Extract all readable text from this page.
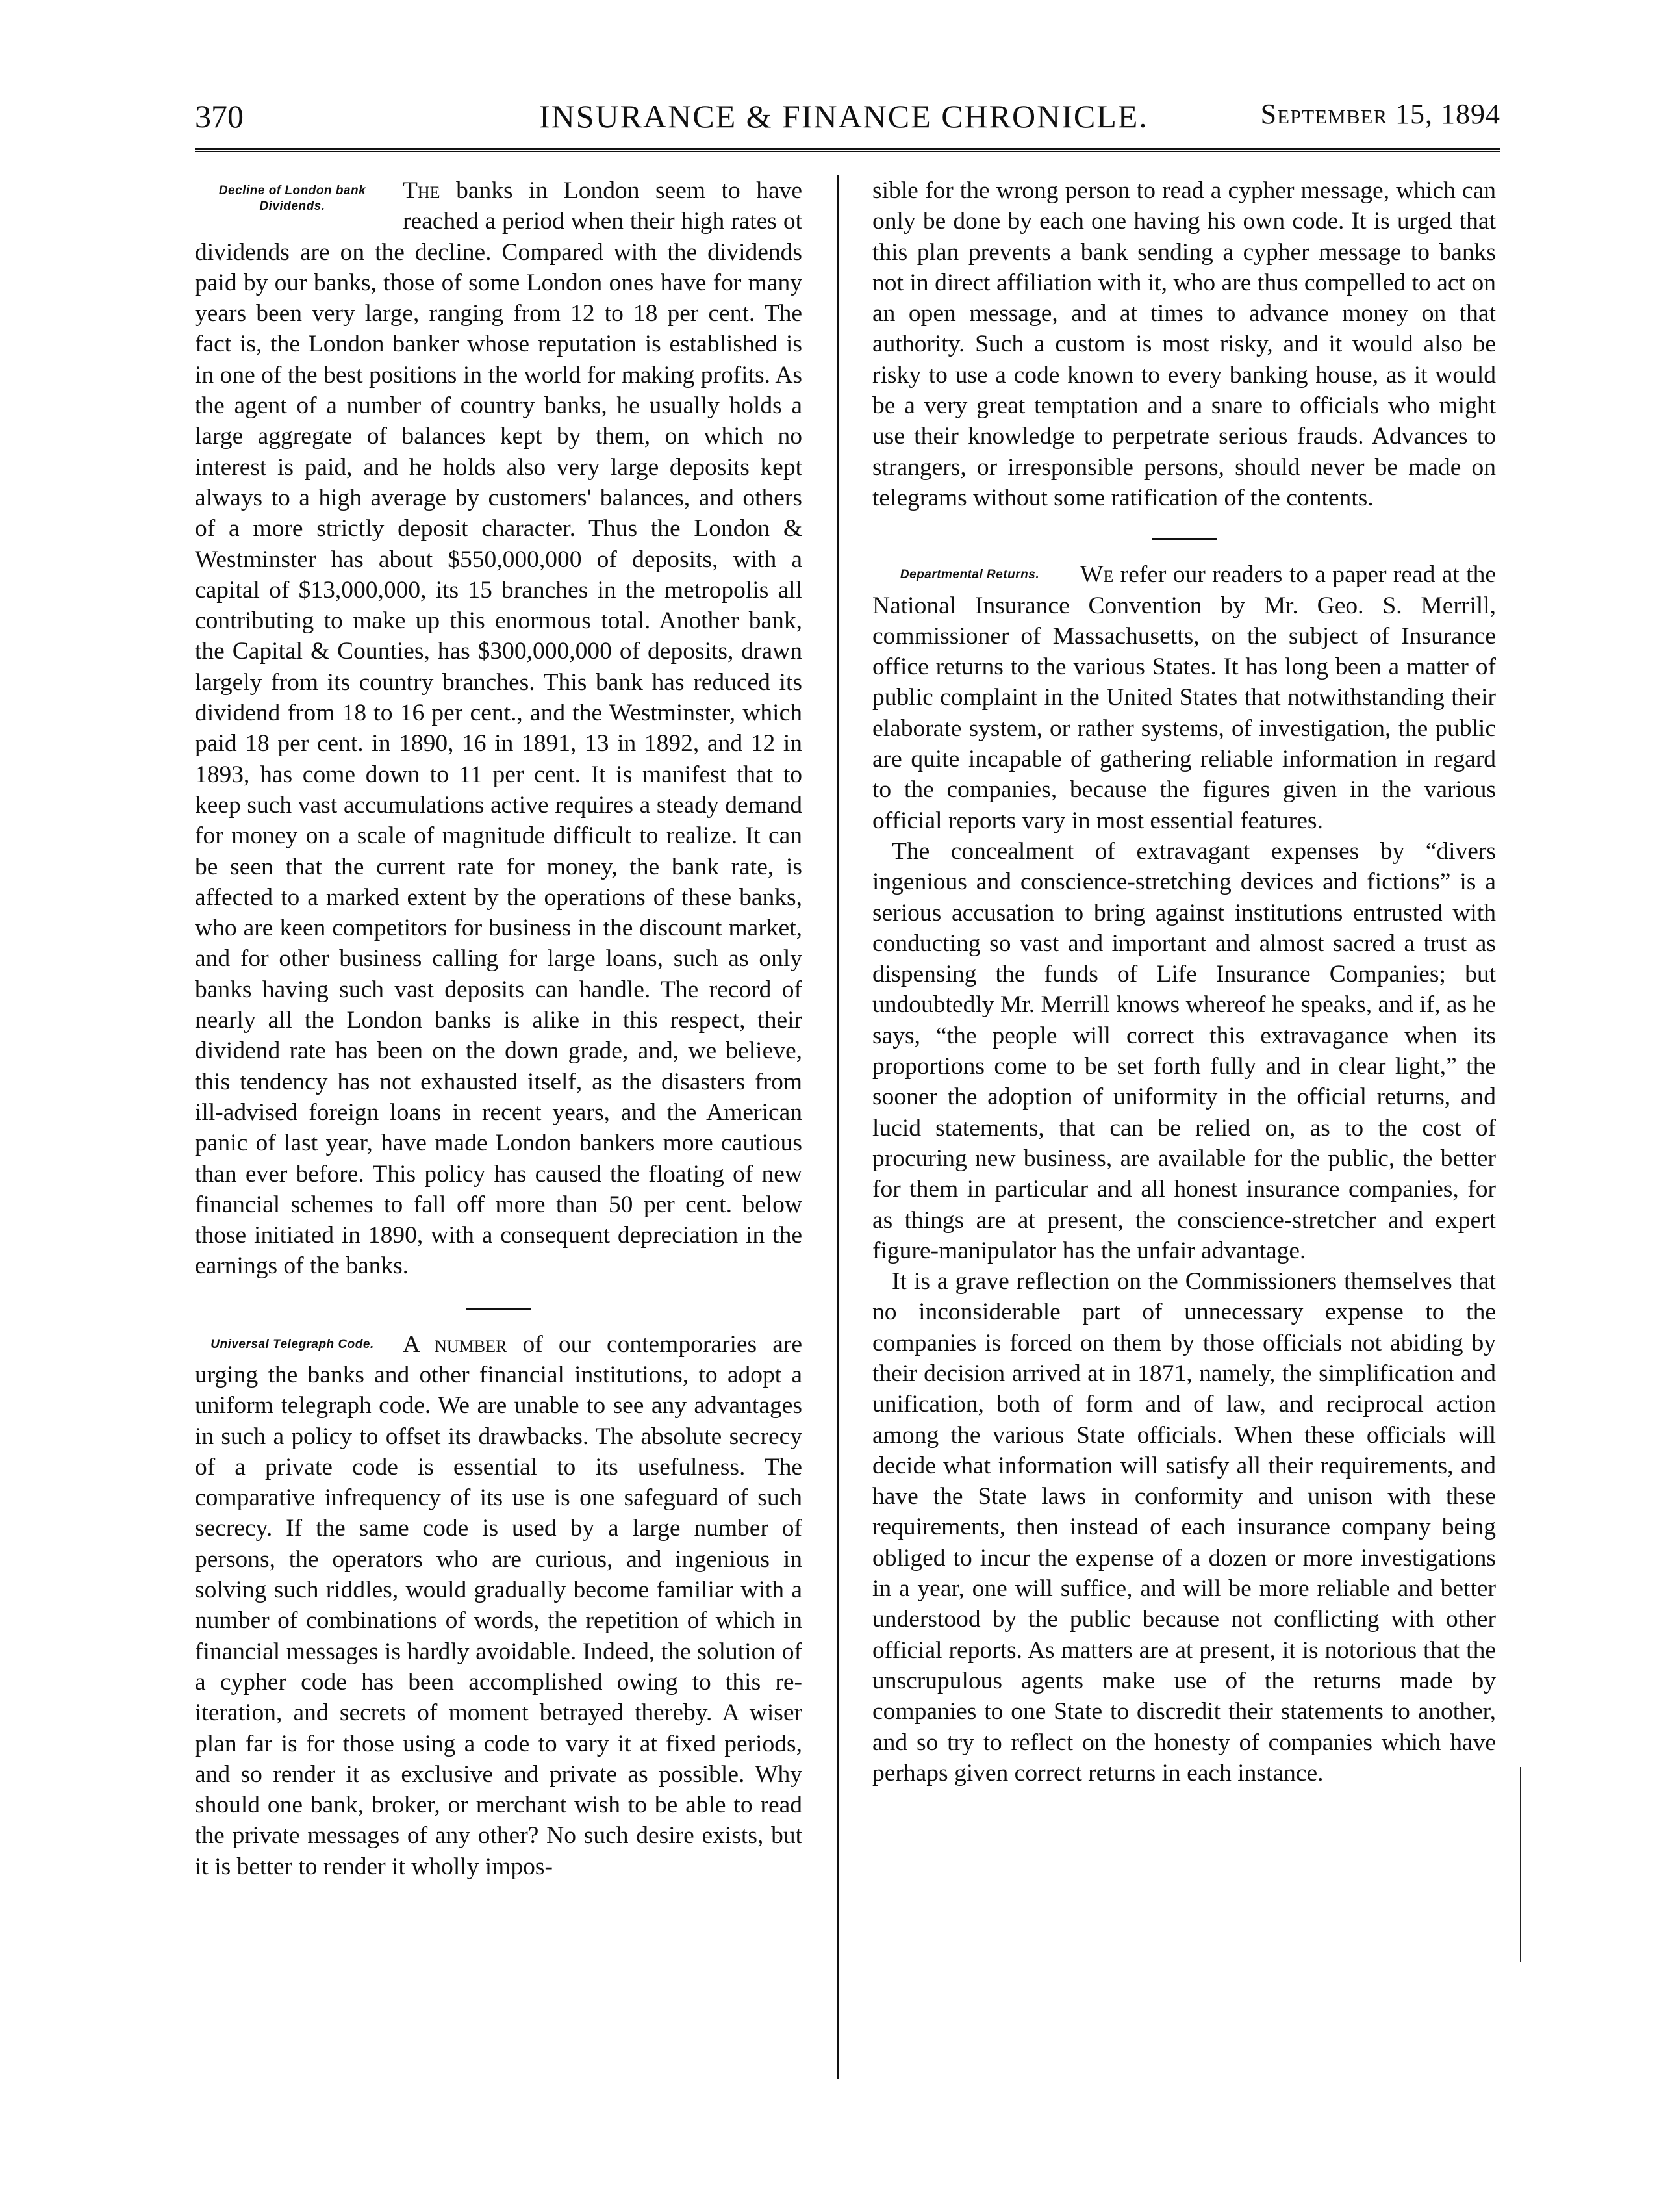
370	INSURANCE & FINANCE CHRONICLE.	September 15, 1894
Decline of London bank Dividends.

The banks in London seem to have reached a period when their high rates ot dividends are on the decline. Compared with the dividends paid by our banks, those of some London ones have for many years been very large, ranging from 12 to 18 per cent. The fact is, the London banker whose reputation is established is in one of the best positions in the world for making profits. As the agent of a number of country banks, he usually holds a large aggregate of balances kept by them, on which no interest is paid, and he holds also very large deposits kept always to a high average by customers' balances, and others of a more strictly deposit character. Thus the London & Westminster has about $550,000,000 of deposits, with a capital of $13,000,000, its 15 branches in the metropolis all contributing to make up this enormous total. Another bank, the Capital & Counties, has $300,000,000 of deposits, drawn largely from its country branches. This bank has reduced its dividend from 18 to 16 per cent., and the Westminster, which paid 18 per cent. in 1890, 16 in 1891, 13 in 1892, and 12 in 1893, has come down to 11 per cent. It is manifest that to keep such vast accumulations active requires a steady demand for money on a scale of magnitude difficult to realize. It can be seen that the current rate for money, the bank rate, is affected to a marked extent by the operations of these banks, who are keen competitors for business in the discount market, and for other business calling for large loans, such as only banks having such vast deposits can handle. The record of nearly all the London banks is alike in this respect, their dividend rate has been on the down grade, and, we believe, this tendency has not exhausted itself, as the disasters from ill-advised foreign loans in recent years, and the American panic of last year, have made London bankers more cautious than ever before. This policy has caused the floating of new financial schemes to fall off more than 50 per cent. below those initiated in 1890, with a consequent depreciation in the earnings of the banks.

Universal Telegraph Code.	A number of our contemporaries are urging the banks and other financial institutions, to adopt a uniform telegraph code. We are unable to see any advantages in such a policy to offset its drawbacks. The absolute secrecy of a private code is essential to its usefulness. The comparative infrequency of its use is one safeguard of such secrecy. If the same code is used by a large number of persons, the operators who are curious, and ingenious in solving such riddles, would gradually become familiar with a number of combinations of words, the repetition of which in financial messages is hardly avoidable. Indeed, the solution of a cypher code has been accomplished owing to this re-iteration, and secrets of moment betrayed thereby. A wiser plan far is for those using a code to vary it at fixed periods, and so render it as exclusive and private as possible. Why should one bank, broker, or merchant wish to be able to read the private messages of any other? No such desire exists, but it is better to render it wholly impos-

sible for the wrong person to read a cypher message, which can only be done by each one having his own code. It is urged that this plan prevents a bank sending a cypher message to banks not in direct affiliation with it, who are thus compelled to act on an open message, and at times to advance money on that authority. Such a custom is most risky, and it would also be risky to use a code known to every banking house, as it would be a very great temptation and a snare to officials who might use their knowledge to perpetrate serious frauds. Advances to strangers, or irresponsible persons, should never be made on telegrams without some ratification of the contents.

Departmental Returns.	We refer our readers to a paper read at the National Insurance Convention by Mr. Geo. S. Merrill, commissioner of Massachusetts, on the subject of Insurance office returns to the various States. It has long been a matter of public complaint in the United States that notwithstanding their elaborate system, or rather systems, of investigation, the public are quite incapable of gathering reliable information in regard to the companies, because the figures given in the various official reports vary in most essential features.

The concealment of extravagant expenses by “divers ingenious and conscience-stretching devices and fictions” is a serious accusation to bring against institutions entrusted with conducting so vast and important and almost sacred a trust as dispensing the funds of Life Insurance Companies; but undoubtedly Mr. Merrill knows whereof he speaks, and if, as he says, “the people will correct this extravagance when its proportions come to be set forth fully and in clear light,” the sooner the adoption of uniformity in the official returns, and lucid statements, that can be relied on, as to the cost of procuring new business, are available for the public, the better for them in particular and all honest insurance companies, for as things are at present, the conscience-stretcher and expert figure-manipulator has the unfair advantage.

It is a grave reflection on the Commissioners themselves that no inconsiderable part of unnecessary expense to the companies is forced on them by those officials not abiding by their decision arrived at in 1871, namely, the simplification and unification, both of form and of law, and reciprocal action among the various State officials. When these officials will decide what information will satisfy all their requirements, and have the State laws in conformity and unison with these requirements, then instead of each insurance company being obliged to incur the expense of a dozen or more investigations in a year, one will suffice, and will be more reliable and better understood by the public because not conflicting with other official reports. As matters are at present, it is notorious that the unscrupulous agents make use of the returns made by companies to one State to discredit their statements to another, and so try to reflect on the honesty of companies which have perhaps given correct returns in each instance.
